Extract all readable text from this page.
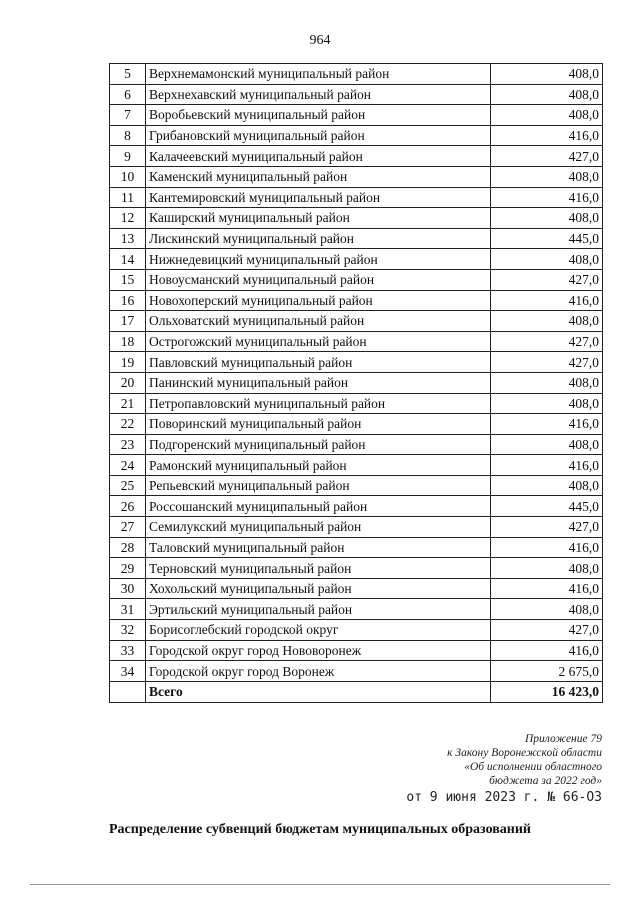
964
5	Верхнемамонский муниципальный район	408,0
6	Верхнехавский муниципальный район	408,0
7	Воробьевский муниципальный район	408,0
8	Грибановский муниципальный район	416,0
9	Калачеевский муниципальный район	427,0
10	Каменский муниципальный район	408,0
11	Кантемировский муниципальный район	416,0
12	Каширский муниципальный район	408,0
13	Лискинский муниципальный район	445,0
14	Нижнедевицкий муниципальный район	408,0
15	Новоусманский муниципальный район	427,0
16	Новохоперский муниципальный район	416,0
17	Ольховатский муниципальный район	408,0
18	Острогожский муниципальный район	427,0
19	Павловский муниципальный район	427,0
20	Панинский муниципальный район	408,0
21	Петропавловский муниципальный район	408,0
22	Поворинский муниципальный район	416,0
23	Подгоренский муниципальный район	408,0
24	Рамонский муниципальный район	416,0
25	Репьевский муниципальный район	408,0
26	Россошанский муниципальный район	445,0
27	Семилукский муниципальный район	427,0
28	Таловский муниципальный район	416,0
29	Терновский муниципальный район	408,0
30	Хохольский муниципальный район	416,0
31	Эртильский муниципальный район	408,0
32	Борисоглебский городской округ	427,0
33	Городской округ город Нововоронеж	416,0
34	Городской округ город Воронеж	2 675,0
	Всего	16 423,0
Приложение 79
к Закону Воронежской области
«Об исполнении областного
бюджета за 2022 год»
от 9 июня 2023 г. № 66-ОЗ
Распределение субвенций бюджетам муниципальных образований
